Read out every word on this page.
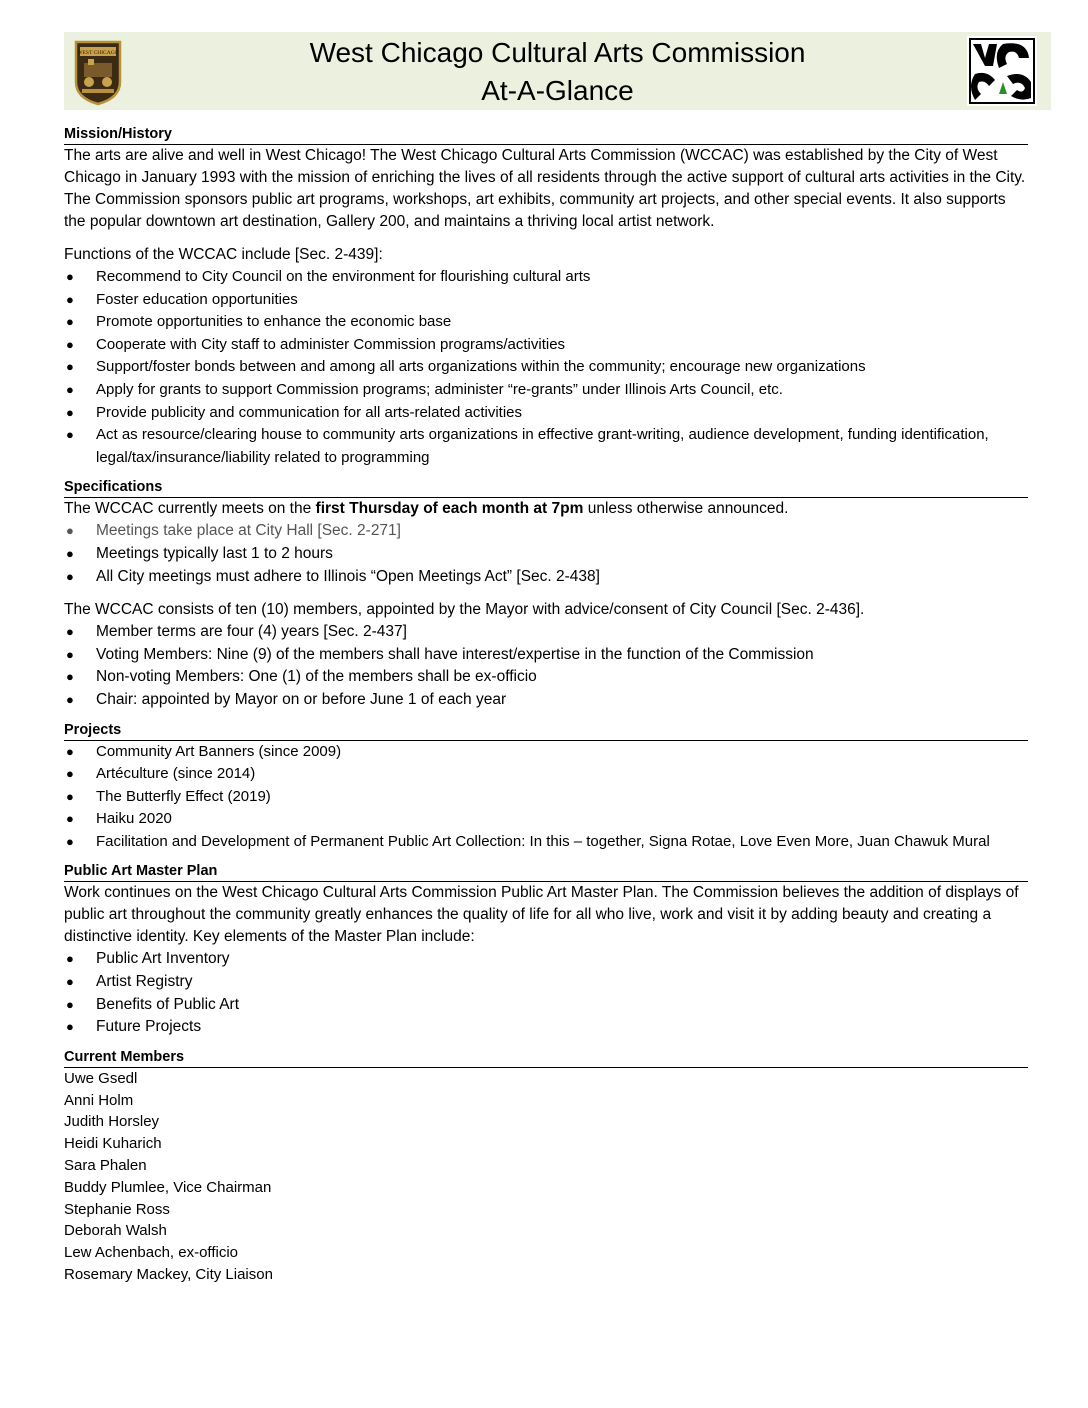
WEST CHICAGO	West Chicago Cultural Arts Commission
At-A-Glance	WCCAC
Mission/History

The arts are alive and well in West Chicago! The West Chicago Cultural Arts Commission (WCCAC) was established by the City of West Chicago in January 1993 with the mission of enriching the lives of all residents through the active support of cultural arts activities in the City. The Commission sponsors public art programs, workshops, art exhibits, community art projects, and other special events. It also supports the popular downtown art destination, Gallery 200, and maintains a thriving local artist network.

Functions of the WCCAC include [Sec. 2-439]:

● Recommend to City Council on the environment for flourishing cultural arts
● Foster education opportunities
● Promote opportunities to enhance the economic base
● Cooperate with City staff to administer Commission programs/activities
● Support/foster bonds between and among all arts organizations within the community; encourage new organizations
● Apply for grants to support Commission programs; administer “re-grants” under Illinois Arts Council, etc.
● Provide publicity and communication for all arts-related activities
● Act as resource/clearing house to community arts organizations in effective grant-writing, audience development, funding identification, legal/tax/insurance/liability related to programming
Specifications

The WCCAC currently meets on the first Thursday of each month at 7pm unless otherwise announced.

● Meetings take place at City Hall [Sec. 2-271]
● Meetings typically last 1 to 2 hours
● All City meetings must adhere to Illinois “Open Meetings Act” [Sec. 2-438]

The WCCAC consists of ten (10) members, appointed by the Mayor with advice/consent of City Council [Sec. 2-436].

● Member terms are four (4) years [Sec. 2-437]
● Voting Members: Nine (9) of the members shall have interest/expertise in the function of the Commission
● Non-voting Members: One (1) of the members shall be ex-officio
● Chair: appointed by Mayor on or before June 1 of each year
Projects
● Community Art Banners (since 2009)
● Artéculture (since 2014)
● The Butterfly Effect (2019)
● Haiku 2020
● Facilitation and Development of Permanent Public Art Collection: In this – together, Signa Rotae, Love Even More, Juan Chawuk Mural
Public Art Master Plan

Work continues on the West Chicago Cultural Arts Commission Public Art Master Plan. The Commission believes the addition of displays of public art throughout the community greatly enhances the quality of life for all who live, work and visit it by adding beauty and creating a distinctive identity. Key elements of the Master Plan include:

● Public Art Inventory
● Artist Registry
● Benefits of Public Art
● Future Projects
Current Members
Uwe Gsedl
Anni Holm
Judith Horsley
Heidi Kuharich
Sara Phalen
Buddy Plumlee, Vice Chairman
Stephanie Ross
Deborah Walsh
Lew Achenbach, ex-officio
Rosemary Mackey, City Liaison
